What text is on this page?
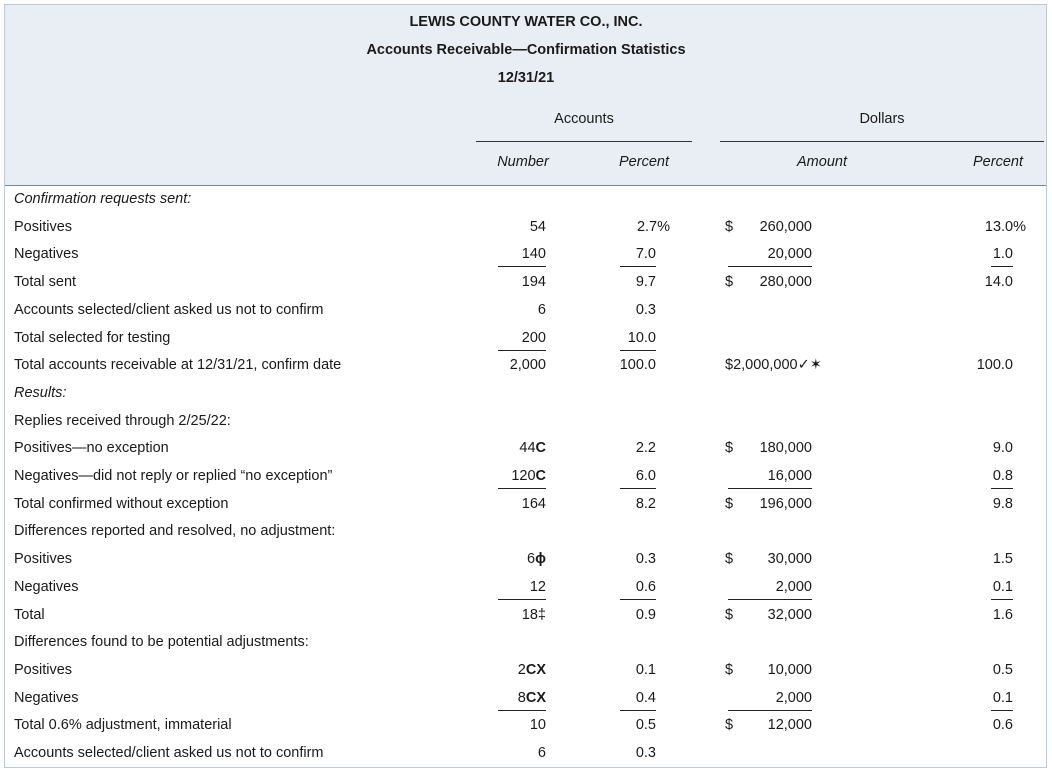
LEWIS COUNTY WATER CO., INC.
Accounts Receivable—Confirmation Statistics
12/31/21
Accounts	Dollars
Number	Percent	Amount	Percent
Confirmation requests sent:
Positives	54	2.7%	$ 260,000	13.0%
Negatives	140	7.0	20,000	1.0
Total sent	194	9.7	$ 280,000	14.0
Accounts selected/client asked us not to confirm	6	0.3
Total selected for testing	200	10.0
Total accounts receivable at 12/31/21, confirm date	2,000	100.0	$2,000,000✓✶	100.0
Results:
Replies received through 2/25/22:
Positives—no exception	44C	2.2	$ 180,000	9.0
Negatives—did not reply or replied “no exception”	120C	6.0	16,000	0.8
Total confirmed without exception	164	8.2	$ 196,000	9.8
Differences reported and resolved, no adjustment:
Positives	6ɸ	0.3	$ 30,000	1.5
Negatives	12	0.6	2,000	0.1
Total	18‡	0.9	$ 32,000	1.6
Differences found to be potential adjustments:
Positives	2CX	0.1	$ 10,000	0.5
Negatives	8CX	0.4	2,000	0.1
Total 0.6% adjustment, immaterial	10	0.5	$ 12,000	0.6
Accounts selected/client asked us not to confirm	6	0.3
